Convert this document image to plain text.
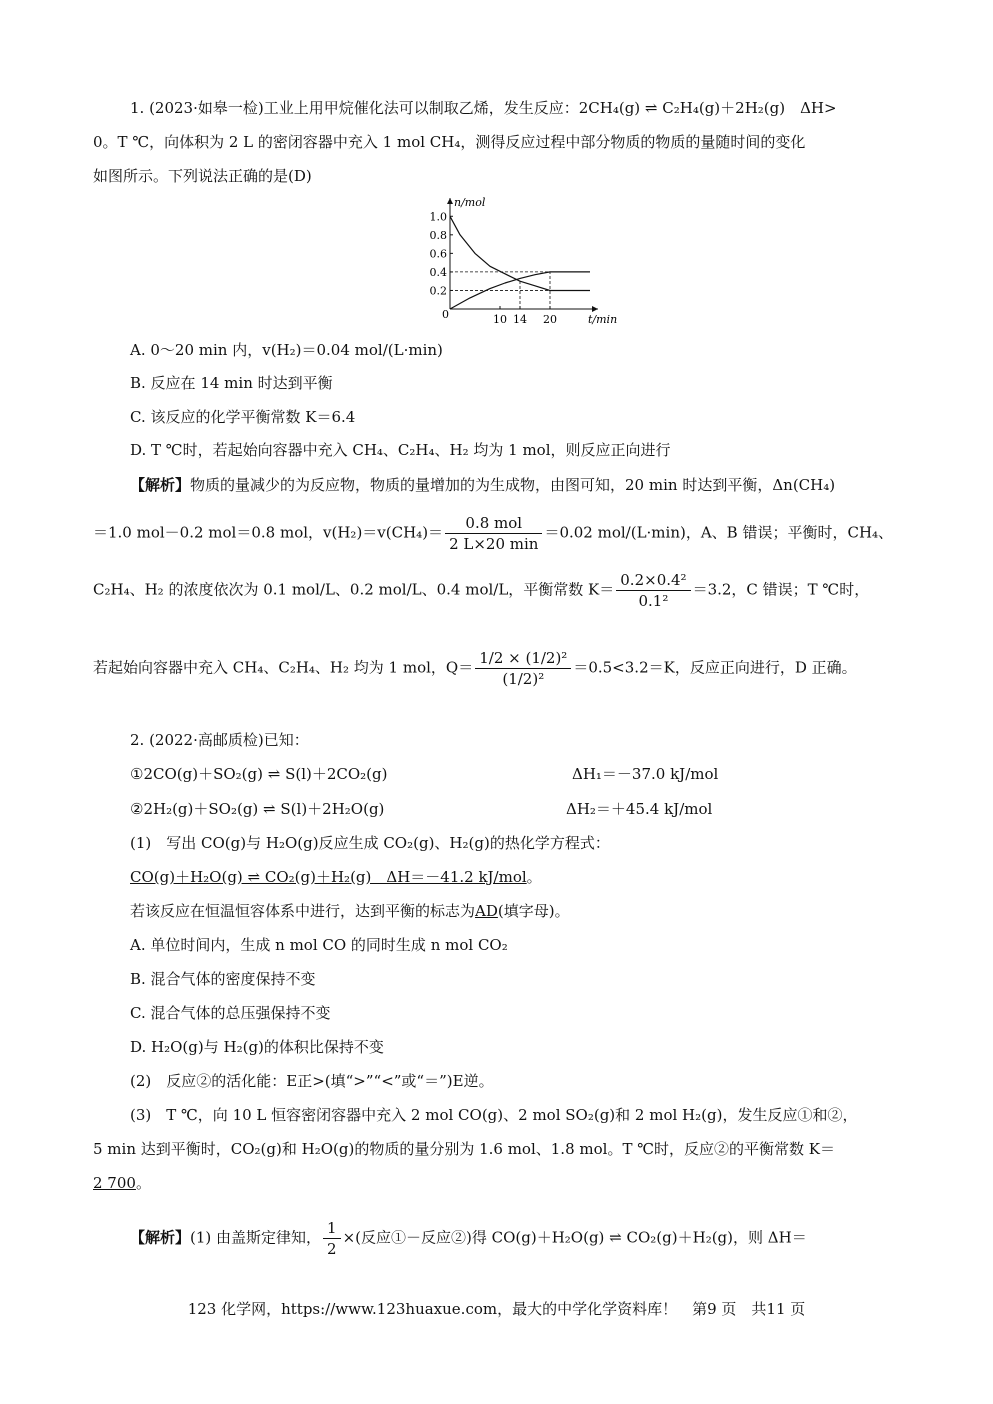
1. (2023·如皋一检)工业上用甲烷催化法可以制取乙烯，发生反应：2CH₄(g) ⇌ C₂H₄(g)＋2H₂(g)　ΔH>
0。T ℃，向体积为 2 L 的密闭容器中充入 1 mol CH₄，测得反应过程中部分物质的物质的量随时间的变化
如图所示。下列说法正确的是(D)
n/mol
t/min
0
1.0
0.8
0.6
0.4
0.2
10 14 20
A. 0～20 min 内，v(H₂)＝0.04 mol/(L·min)
B. 反应在 14 min 时达到平衡
C. 该反应的化学平衡常数 K＝6.4
D. T ℃时，若起始向容器中充入 CH₄、C₂H₄、H₂ 均为 1 mol，则反应正向进行
【解析】物质的量减少的为反应物，物质的量增加的为生成物，由图可知，20 min 时达到平衡，Δn(CH₄)
＝1.0 mol－0.2 mol＝0.8 mol，$v(H_2)=v(CH_4)= \frac{\text{0.8 mol}}{2 L\times 20 \min} =0.02$ mol/(L·min)，A、B 错误；平衡时，CH₄、
C₂H₄、H₂ 的浓度依次为 0.1 mol/L、0.2 mol/L、0.4 mol/L，平衡常数 $K= \frac{\text{0.2×0.4²}}{\text{0.1²}} =3.2$，C 错误；T ℃时，
若起始向容器中充入 CH₄、C₂H₄、H₂ 均为 1 mol，$Q= \frac{\text{1/2 × (1/2)²}}{\text{(1/2)²}} =0.5<3.2=K$，反应正向进行，D 正确。
2. (2022·高邮质检)已知：
①2CO(g)＋SO₂(g) ⇌ S(l)＋2CO₂(g)	ΔH₁＝－37.0 kJ/mol
②2H₂(g)＋SO₂(g) ⇌ S(l)＋2H₂O(g)	ΔH₂＝＋45.4 kJ/mol
(1)　写出 CO(g)与 H₂O(g)反应生成 CO₂(g)、H₂(g)的热化学方程式：
CO(g)＋H₂O(g) ⇌ CO₂(g)＋H₂(g)　ΔH＝－41.2 kJ/mol。
若该反应在恒温恒容体系中进行，达到平衡的标志为AD(填字母)。
A. 单位时间内，生成 n mol CO 的同时生成 n mol CO₂
B. 混合气体的密度保持不变
C. 混合气体的总压强保持不变
D. H₂O(g)与 H₂(g)的体积比保持不变
(2)　反应②的活化能：E正>(填“>”“<”或“＝”)E逆。
(3)　T ℃，向 10 L 恒容密闭容器中充入 2 mol CO(g)、2 mol SO₂(g)和 2 mol H₂(g)，发生反应①和②，
5 min 达到平衡时，CO₂(g)和 H₂O(g)的物质的量分别为 1.6 mol、1.8 mol。T ℃时，反应②的平衡常数 K＝
2 700。
【解析】(1) 由盖斯定律知， $\frac{1}{2}$ ×(反应①－反应②)得 CO(g)＋H₂O(g) ⇌ CO₂(g)＋H₂(g)，则 ΔH＝
123 化学网，https://www.123huaxue.com，最大的中学化学资料库！　第9 页　共11 页
